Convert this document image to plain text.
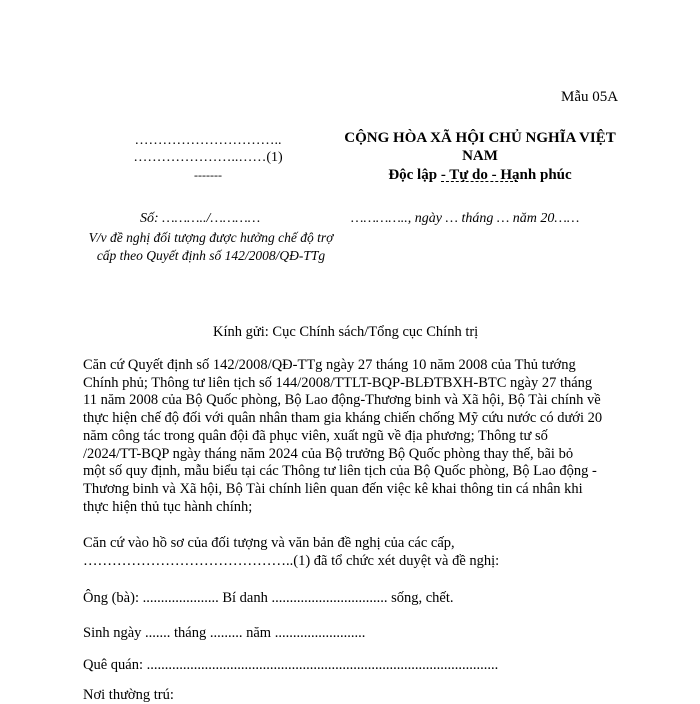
Mẫu 05A
…………………………..
…………………..……(1)
-------
CỘNG HÒA XÃ HỘI CHỦ NGHĨA VIỆT
NAM
Độc lập - Tự do - Hạnh phúc
Số: ………../…………	………….., ngày … tháng … năm 20……
V/v đề nghị đối tượng được hưởng chế độ trợ cấp theo Quyết định số 142/2008/QĐ-TTg
Kính gửi: Cục Chính sách/Tổng cục Chính trị
Căn cứ Quyết định số 142/2008/QĐ-TTg ngày 27 tháng 10 năm 2008 của Thủ tướng
Chính phủ; Thông tư liên tịch số 144/2008/TTLT-BQP-BLĐTBXH-BTC ngày 27 tháng
11 năm 2008 của Bộ Quốc phòng, Bộ Lao động-Thương binh và Xã hội, Bộ Tài chính về
thực hiện chế độ đối với quân nhân tham gia kháng chiến chống Mỹ cứu nước có dưới 20
năm công tác trong quân đội đã phục viên, xuất ngũ về địa phương; Thông tư số
/2024/TT-BQP ngày tháng năm 2024 của Bộ trưởng Bộ Quốc phòng thay thế, bãi bỏ
một số quy định, mẫu biểu tại các Thông tư liên tịch của Bộ Quốc phòng, Bộ Lao động -
Thương binh và Xã hội, Bộ Tài chính liên quan đến việc kê khai thông tin cá nhân khi
thực hiện thủ tục hành chính;
Căn cứ vào hồ sơ của đối tượng và văn bản đề nghị của các cấp,
……………………………………..(1) đã tổ chức xét duyệt và đề nghị:
Ông (bà): ..................... Bí danh ................................ sống, chết.
Sinh ngày ....... tháng ......... năm .........................
Quê quán: .................................................................................................
Nơi thường trú:
